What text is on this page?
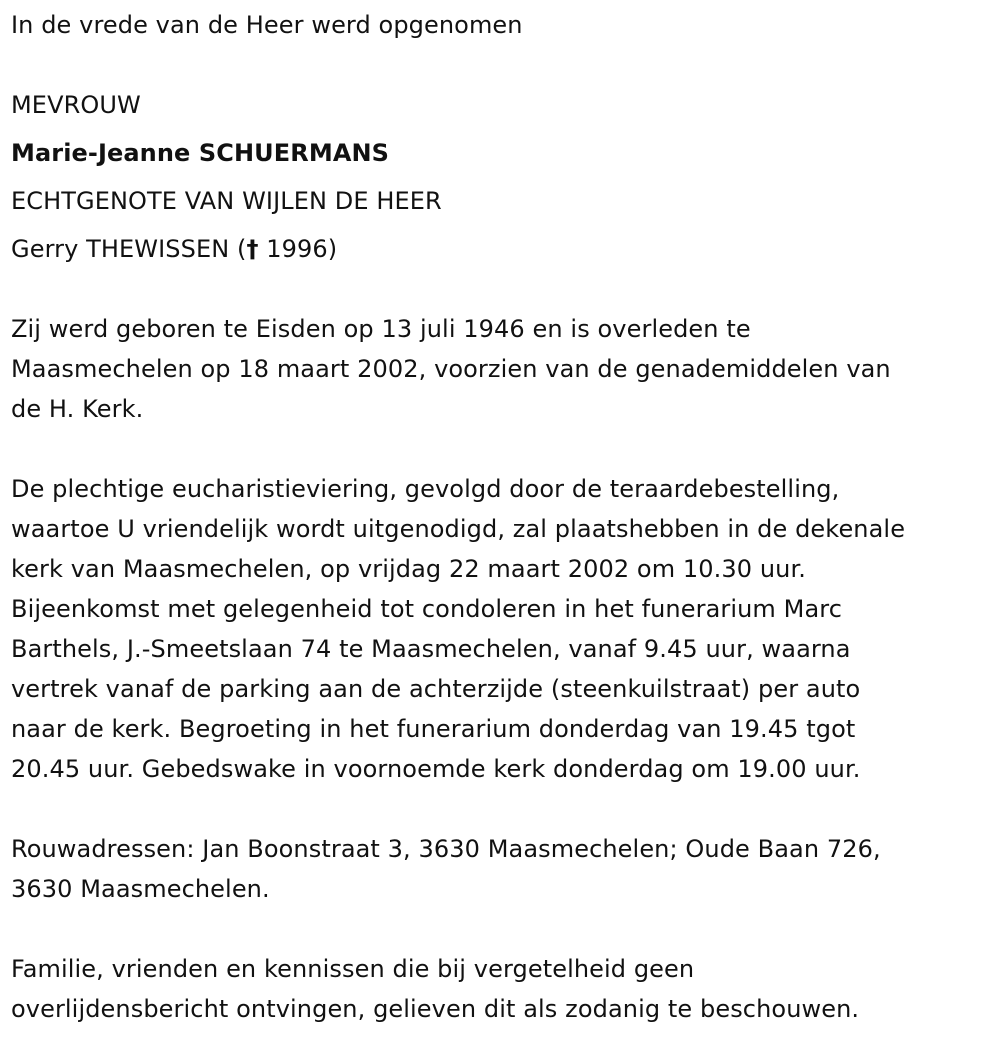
In de vrede van de Heer werd opgenomen
MEVROUW
Marie-Jeanne SCHUERMANS
ECHTGENOTE VAN WIJLEN DE HEER
Gerry THEWISSEN († 1996)
Zij werd geboren te Eisden op 13 juli 1946 en is overleden te
Maasmechelen op 18 maart 2002, voorzien van de genademiddelen van
de H. Kerk.
De plechtige eucharistieviering, gevolgd door de teraardebestelling,
waartoe U vriendelijk wordt uitgenodigd, zal plaatshebben in de dekenale
kerk van Maasmechelen, op vrijdag 22 maart 2002 om 10.30 uur.
Bijeenkomst met gelegenheid tot condoleren in het funerarium Marc
Barthels, J.-Smeetslaan 74 te Maasmechelen, vanaf 9.45 uur, waarna
vertrek vanaf de parking aan de achterzijde (steenkuilstraat) per auto
naar de kerk. Begroeting in het funerarium donderdag van 19.45 tgot
20.45 uur. Gebedswake in voornoemde kerk donderdag om 19.00 uur.
Rouwadressen: Jan Boonstraat 3, 3630 Maasmechelen; Oude Baan 726,
3630 Maasmechelen.
Familie, vrienden en kennissen die bij vergetelheid geen
overlijdensbericht ontvingen, gelieven dit als zodanig te beschouwen.
